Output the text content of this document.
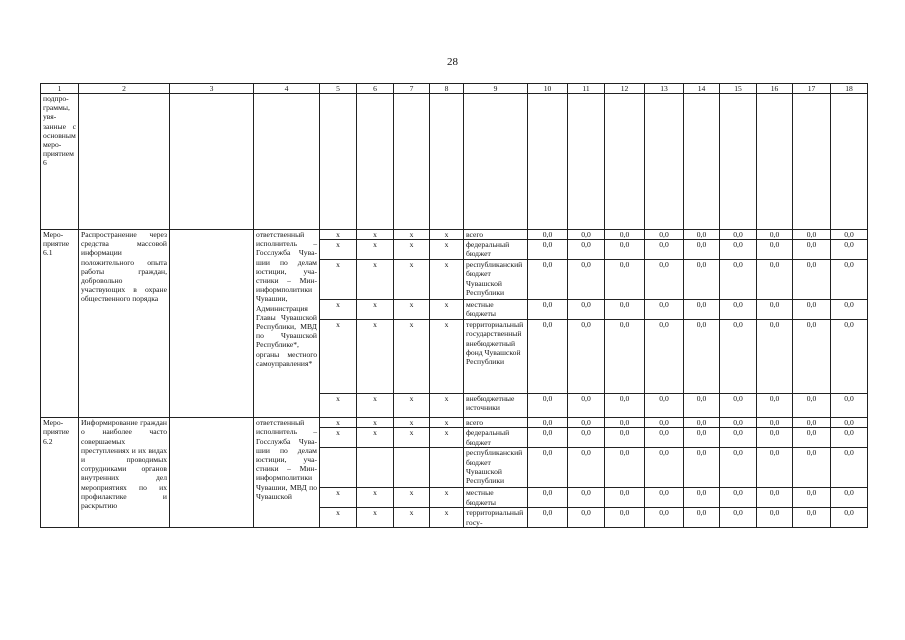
28
1	2	3	4	5	6	7	8	9	10	11	12	13	14	15	16	17	18
подпрограммы, увязанные с основным мероприятием 6																	
Мероприятие 6.1	Распространение через средства массовой информации положительного опыта работы граждан, добровольно участвующих в охране общественного порядка		ответственный исполнитель – Госслужба Чувашии по делам юстиции, участники – Мининформполитики Чувашии, Администрация Главы Чувашской Республики, МВД по Чувашской Республике*, органы местного самоуправления*	x	x	x	x	всего	0,0	0,0	0,0	0,0	0,0	0,0	0,0	0,0	0,0
				x	x	x	x	федеральный бюджет	0,0	0,0	0,0	0,0	0,0	0,0	0,0	0,0	0,0
				x	x	x	x	республиканский бюджет Чувашской Республики	0,0	0,0	0,0	0,0	0,0	0,0	0,0	0,0	0,0
				x	x	x	x	местные бюджеты	0,0	0,0	0,0	0,0	0,0	0,0	0,0	0,0	0,0
				x	x	x	x	территориальный государственный внебюджетный фонд Чувашской Республики	0,0	0,0	0,0	0,0	0,0	0,0	0,0	0,0	0,0
				x	x	x	x	внебюджетные источники	0,0	0,0	0,0	0,0	0,0	0,0	0,0	0,0	0,0
Мероприятие 6.2	Информирование граждан о наиболее часто совершаемых преступлениях и их видах и проводимых сотрудниками органов внутренних дел мероприятиях по их профилактике и раскрытию		ответственный исполнитель – Госслужба Чувашии по делам юстиции, участники – Мининформполитики Чувашии, МВД по Чувашской	x	x	x	x	всего	0,0	0,0	0,0	0,0	0,0	0,0	0,0	0,0	0,0
				x	x	x	x	федеральный бюджет	0,0	0,0	0,0	0,0	0,0	0,0	0,0	0,0	0,0
								республиканский бюджет Чувашской Республики	0,0	0,0	0,0	0,0	0,0	0,0	0,0	0,0	0,0
				x	x	x	x	местные бюджеты	0,0	0,0	0,0	0,0	0,0	0,0	0,0	0,0	0,0
				x	x	x	x	территориальный госу-	0,0	0,0	0,0	0,0	0,0	0,0	0,0	0,0	0,0
